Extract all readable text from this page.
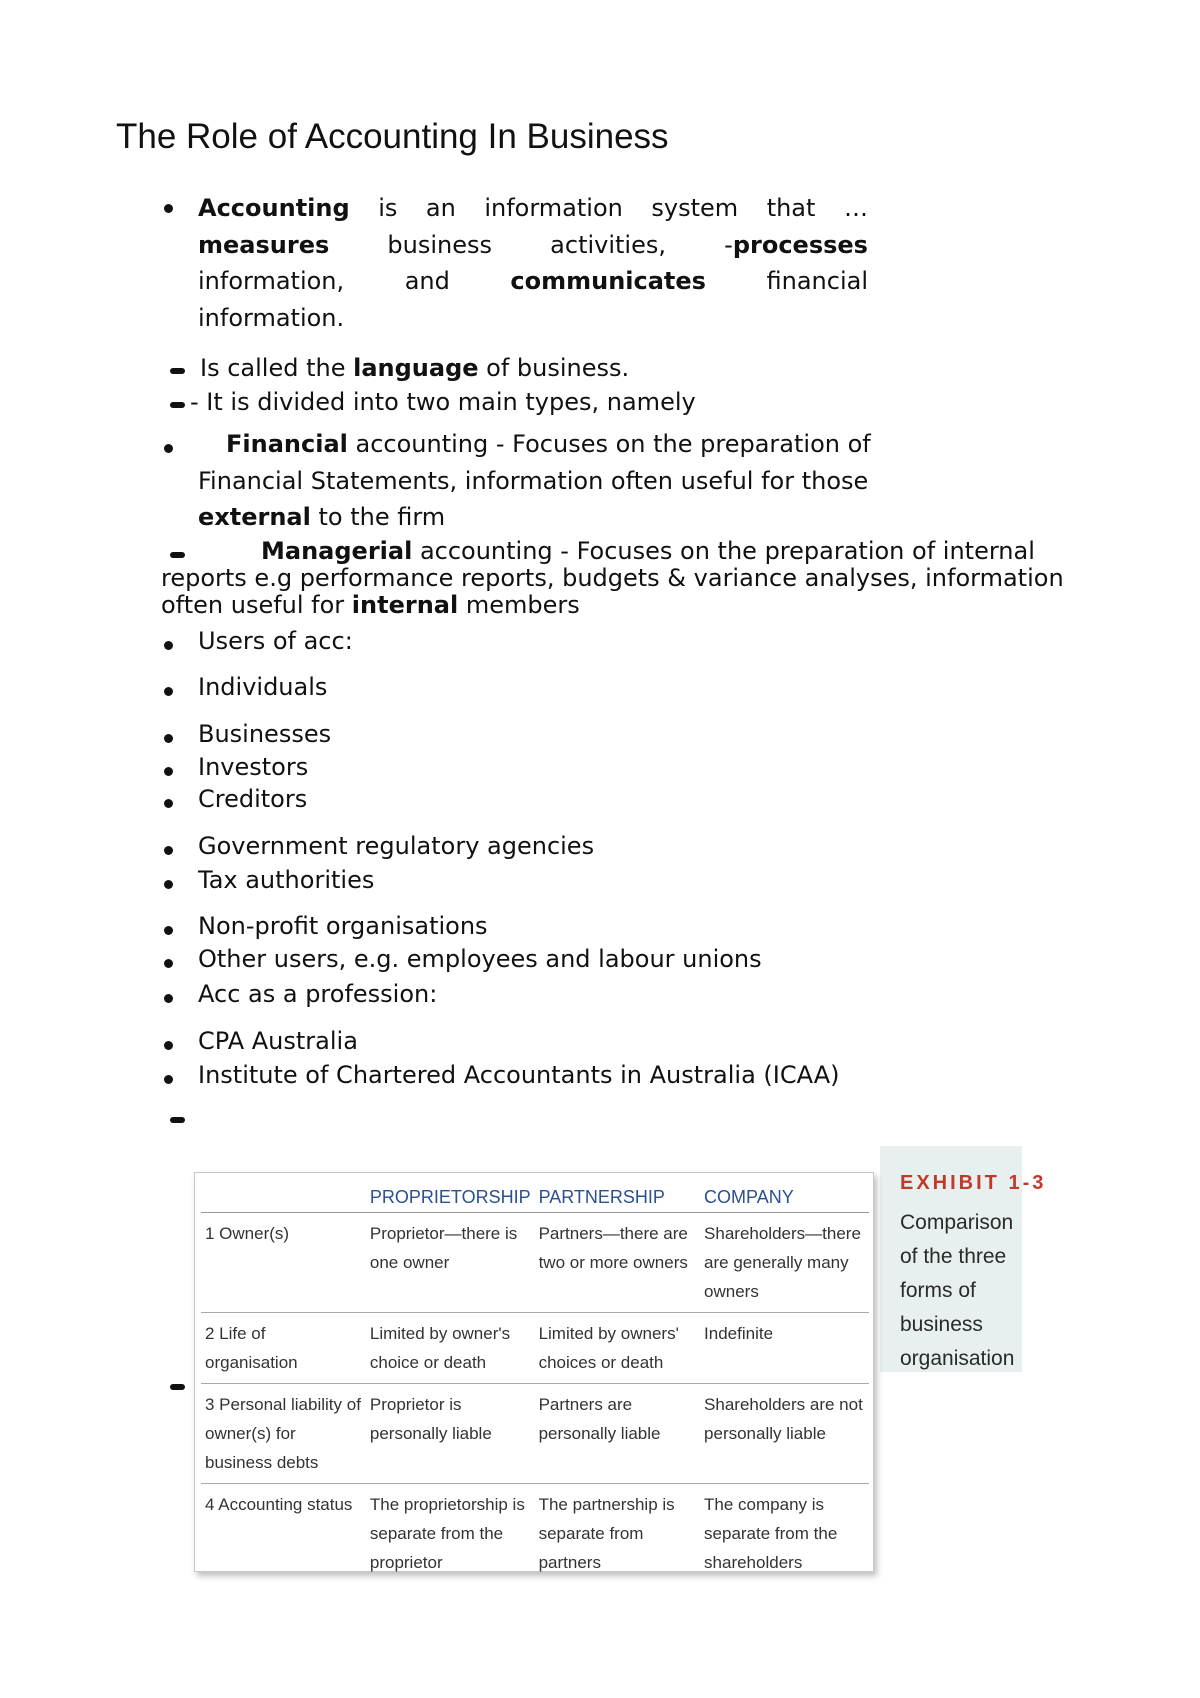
The Role of Accounting In Business
Accounting is an information system that …
measures business activities, -processes
information,	and	communicates	financial
information.
Is called the language of business.
- It is divided into two main types, namely
Financial accounting - Focuses on the preparation of
Financial Statements, information often useful for those
external to the firm
Managerial accounting - Focuses on the preparation of internal
reports e.g performance reports, budgets & variance analyses, information
often useful for internal members
Users of acc:
Individuals
Businesses
Investors
Creditors
Government regulatory agencies
Tax authorities
Non-profit organisations
Other users, e.g. employees and labour unions
Acc as a profession:
CPA Australia
Institute of Chartered Accountants in Australia (ICAA)
EXHIBIT 1-3
Comparison of the three forms of business organisation
	PROPRIETORSHIP	PARTNERSHIP	COMPANY
1 Owner(s)	Proprietor—there is one owner	Partners—there are two or more owners	Shareholders—there are generally many owners
2 Life of organisation	Limited by owner's choice or death	Limited by owners' choices or death	Indefinite
3 Personal liability of owner(s) for business debts	Proprietor is personally liable	Partners are personally liable	Shareholders are not personally liable
4 Accounting status	The proprietorship is separate from the proprietor	The partnership is separate from partners	The company is separate from the shareholders
